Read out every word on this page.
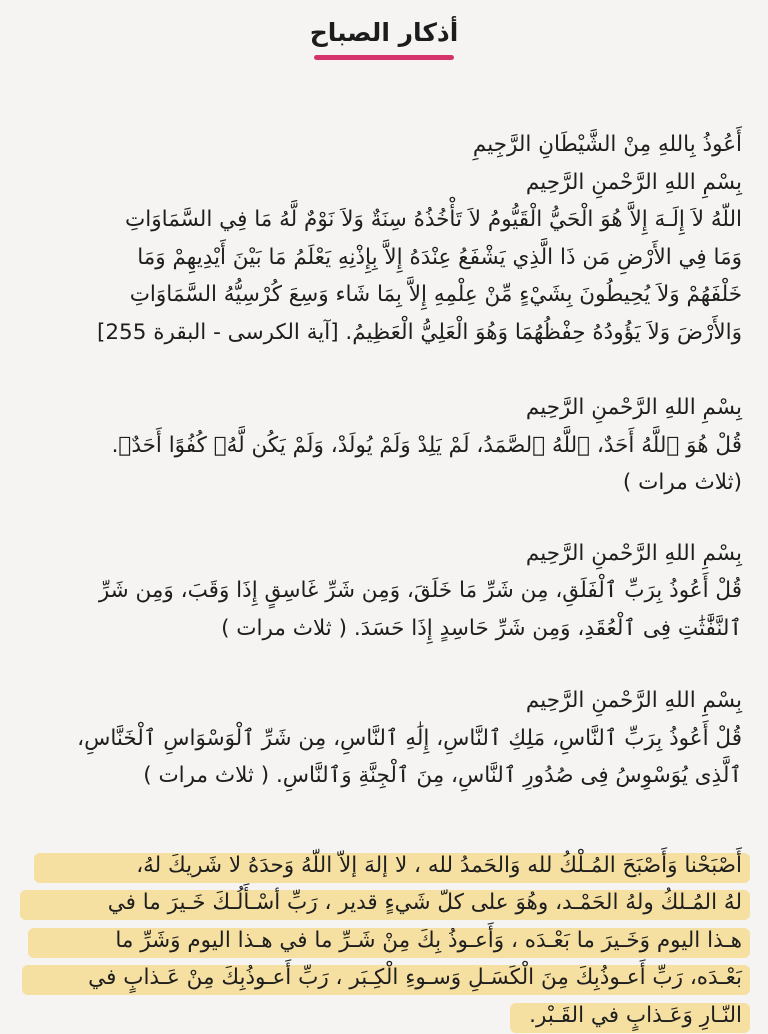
أذكار الصباح

أَعُوذُ بِاللهِ مِنْ الشَّيْطَانِ الرَّجِيمِ

بِسْمِ اللهِ الرَّحْمنِ الرَّحِيم

اللّهُ لاَ إِلَـهَ إِلاَّ هُوَ الْحَيُّ الْقَيُّومُ لاَ تَأْخُذُهُ سِنَةٌ وَلاَ نَوْمٌ لَّهُ مَا فِي السَّمَاوَاتِ

وَمَا فِي الأَرْضِ مَن ذَا الَّذِي يَشْفَعُ عِنْدَهُ إِلاَّ بِإِذْنِهِ يَعْلَمُ مَا بَيْنَ أَيْدِيهِمْ وَمَا

خَلْفَهُمْ وَلاَ يُحِيطُونَ بِشَيْءٍ مِّنْ عِلْمِهِ إِلاَّ بِمَا شَاء وَسِعَ كُرْسِيُّهُ السَّمَاوَاتِ

وَالأَرْضَ وَلاَ يَؤُودُهُ حِفْظُهُمَا وَهُوَ الْعَلِيُّ الْعَظِيمُ. [آية الكرسى - البقرة 255]

بِسْمِ اللهِ الرَّحْمنِ الرَّحِيم

قُلْ هُوَ ٱللَّهُ أَحَدٌ، ٱللَّهُ ٱلصَّمَدُ، لَمْ يَلِدْ وَلَمْ يُولَدْ، وَلَمْ يَكُن لَّهُۥ كُفُوًا أَحَدٌۢ.

(ثلاث مرات )

بِسْمِ اللهِ الرَّحْمنِ الرَّحِيم

قُلْ أَعُوذُ بِرَبِّ ٱلْفَلَقِ، مِن شَرِّ مَا خَلَقَ، وَمِن شَرِّ غَاسِقٍ إِذَا وَقَبَ، وَمِن شَرِّ

ٱلنَّفَّٰثَٰتِ فِى ٱلْعُقَدِ، وَمِن شَرِّ حَاسِدٍ إِذَا حَسَدَ. ( ثلاث مرات )

بِسْمِ اللهِ الرَّحْمنِ الرَّحِيم

قُلْ أَعُوذُ بِرَبِّ ٱلنَّاسِ، مَلِكِ ٱلنَّاسِ، إِلَٰهِ ٱلنَّاسِ، مِن شَرِّ ٱلْوَسْوَاسِ ٱلْخَنَّاسِ،

ٱلَّذِى يُوَسْوِسُ فِى صُدُورِ ٱلنَّاسِ، مِنَ ٱلْجِنَّةِ وَٱلنَّاسِ. ( ثلاث مرات )

أَصْبَحْنا وَأَصْبَحَ المُـلْكُ لله وَالحَمدُ لله ، لا إلهَ إلاّ اللّهُ وَحدَهُ لا شَريكَ لهُ،

لهُ المُـلكُ ولهُ الحَمْـد، وهُوَ على كلّ شَيءٍ قدير ، رَبِّ أسْـأَلُـكَ خَـيرَ ما في

هـذا اليوم وَخَـيرَ ما بَعْـدَه ، وَأَعـوذُ بِكَ مِنْ شَـرِّ ما في هـذا اليوم وَشَرِّ ما

بَعْـدَه، رَبِّ أَعـوذُبِكَ مِنَ الْكَسَـلِ وَسـوءِ الْكِـبَر ، رَبِّ أَعـوذُبِكَ مِنْ عَـذابٍ في

النّـارِ وَعَـذابٍ في القَـبْر.
